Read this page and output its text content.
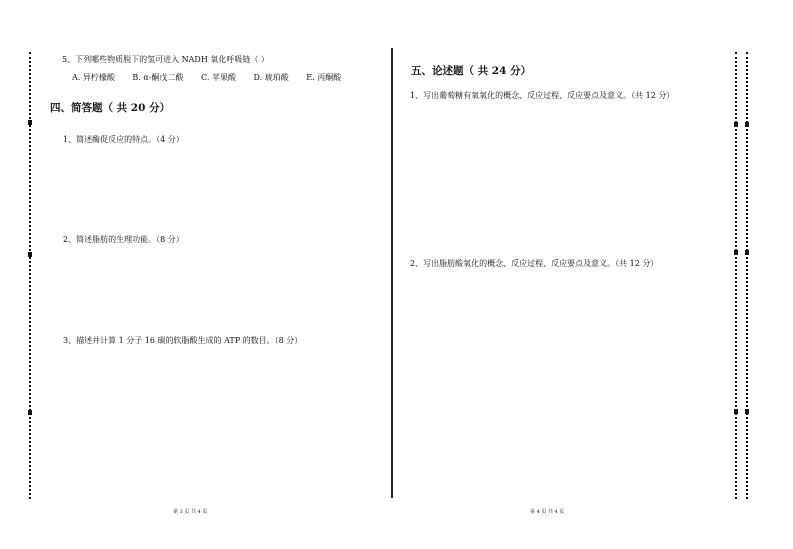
5、下列哪些物质脱下的氢可进入 NADH 氧化呼吸链（ ）
A. 异柠檬酸 B. α-酮戊二酸 C. 苹果酸 D. 琥珀酸 E. 丙酮酸
四、简答题（ 共 20 分）
1、简述酶促反应的特点。（4 分）
2、简述脂肪的生理功能。（8 分）
3、描述并计算 1 分子 16 碳的软脂酸生成的 ATP 的数目。（8 分）
第 3 页 共 4 页
五、论述题（ 共 24 分）
1、写出葡萄糖有氧氧化的概念、反应过程、反应要点及意义。（共 12 分）
2、写出脂肪酸氧化的概念、反应过程、反应要点及意义。（共 12 分）
第 4 页 共 4 页
